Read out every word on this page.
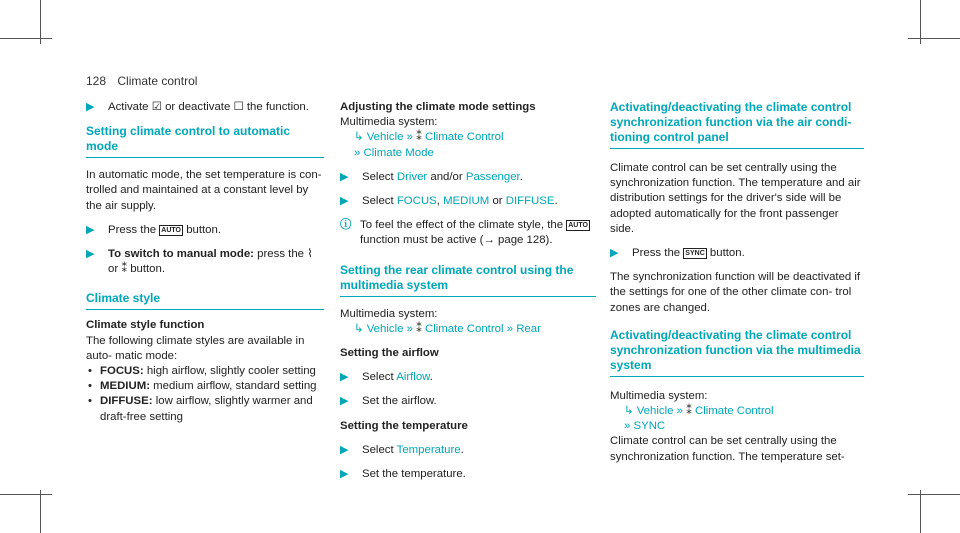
128 Climate control

▶ Activate ☑ or deactivate ☐ the function.

Setting climate control to automatic mode

In automatic mode, the set temperature is con- trolled and maintained at a constant level by the air supply.

▶ Press the AUTO button.

▶ To switch to manual mode: press the ⌇
or ⁑ button.

Climate style

Climate style function

The following climate styles are available in auto- matic mode:

• FOCUS: high airflow, slightly cooler setting

• MEDIUM: medium airflow, standard setting

• DIFFUSE: low airflow, slightly warmer and draft-free setting

Adjusting the climate mode settings

Multimedia system:

↳ Vehicle » ⁑ Climate Control
» Climate Mode

▶ Select Driver and/or Passenger.

▶ Select FOCUS, MEDIUM or DIFFUSE.

ⓘ To feel the effect of the climate style, the AUTO function must be active (→ page 128).

Setting the rear climate control using the multimedia system

Multimedia system:

↳ Vehicle » ⁑ Climate Control » Rear

Setting the airflow

▶ Select Airflow.

▶ Set the airflow.

Setting the temperature

▶ Select Temperature.

▶ Set the temperature.

Activating/deactivating the climate control synchronization function via the air condi- tioning control panel

Climate control can be set centrally using the synchronization function. The temperature and air distribution settings for the driver's side will be adopted automatically for the front passenger side.

▶ Press the SYNC button.

The synchronization function will be deactivated if the settings for one of the other climate con- trol zones are changed.

Activating/deactivating the climate control synchronization function via the multimedia system

Multimedia system:

↳ Vehicle » ⁑ Climate Control
» SYNC

Climate control can be set centrally using the synchronization function. The temperature set-
